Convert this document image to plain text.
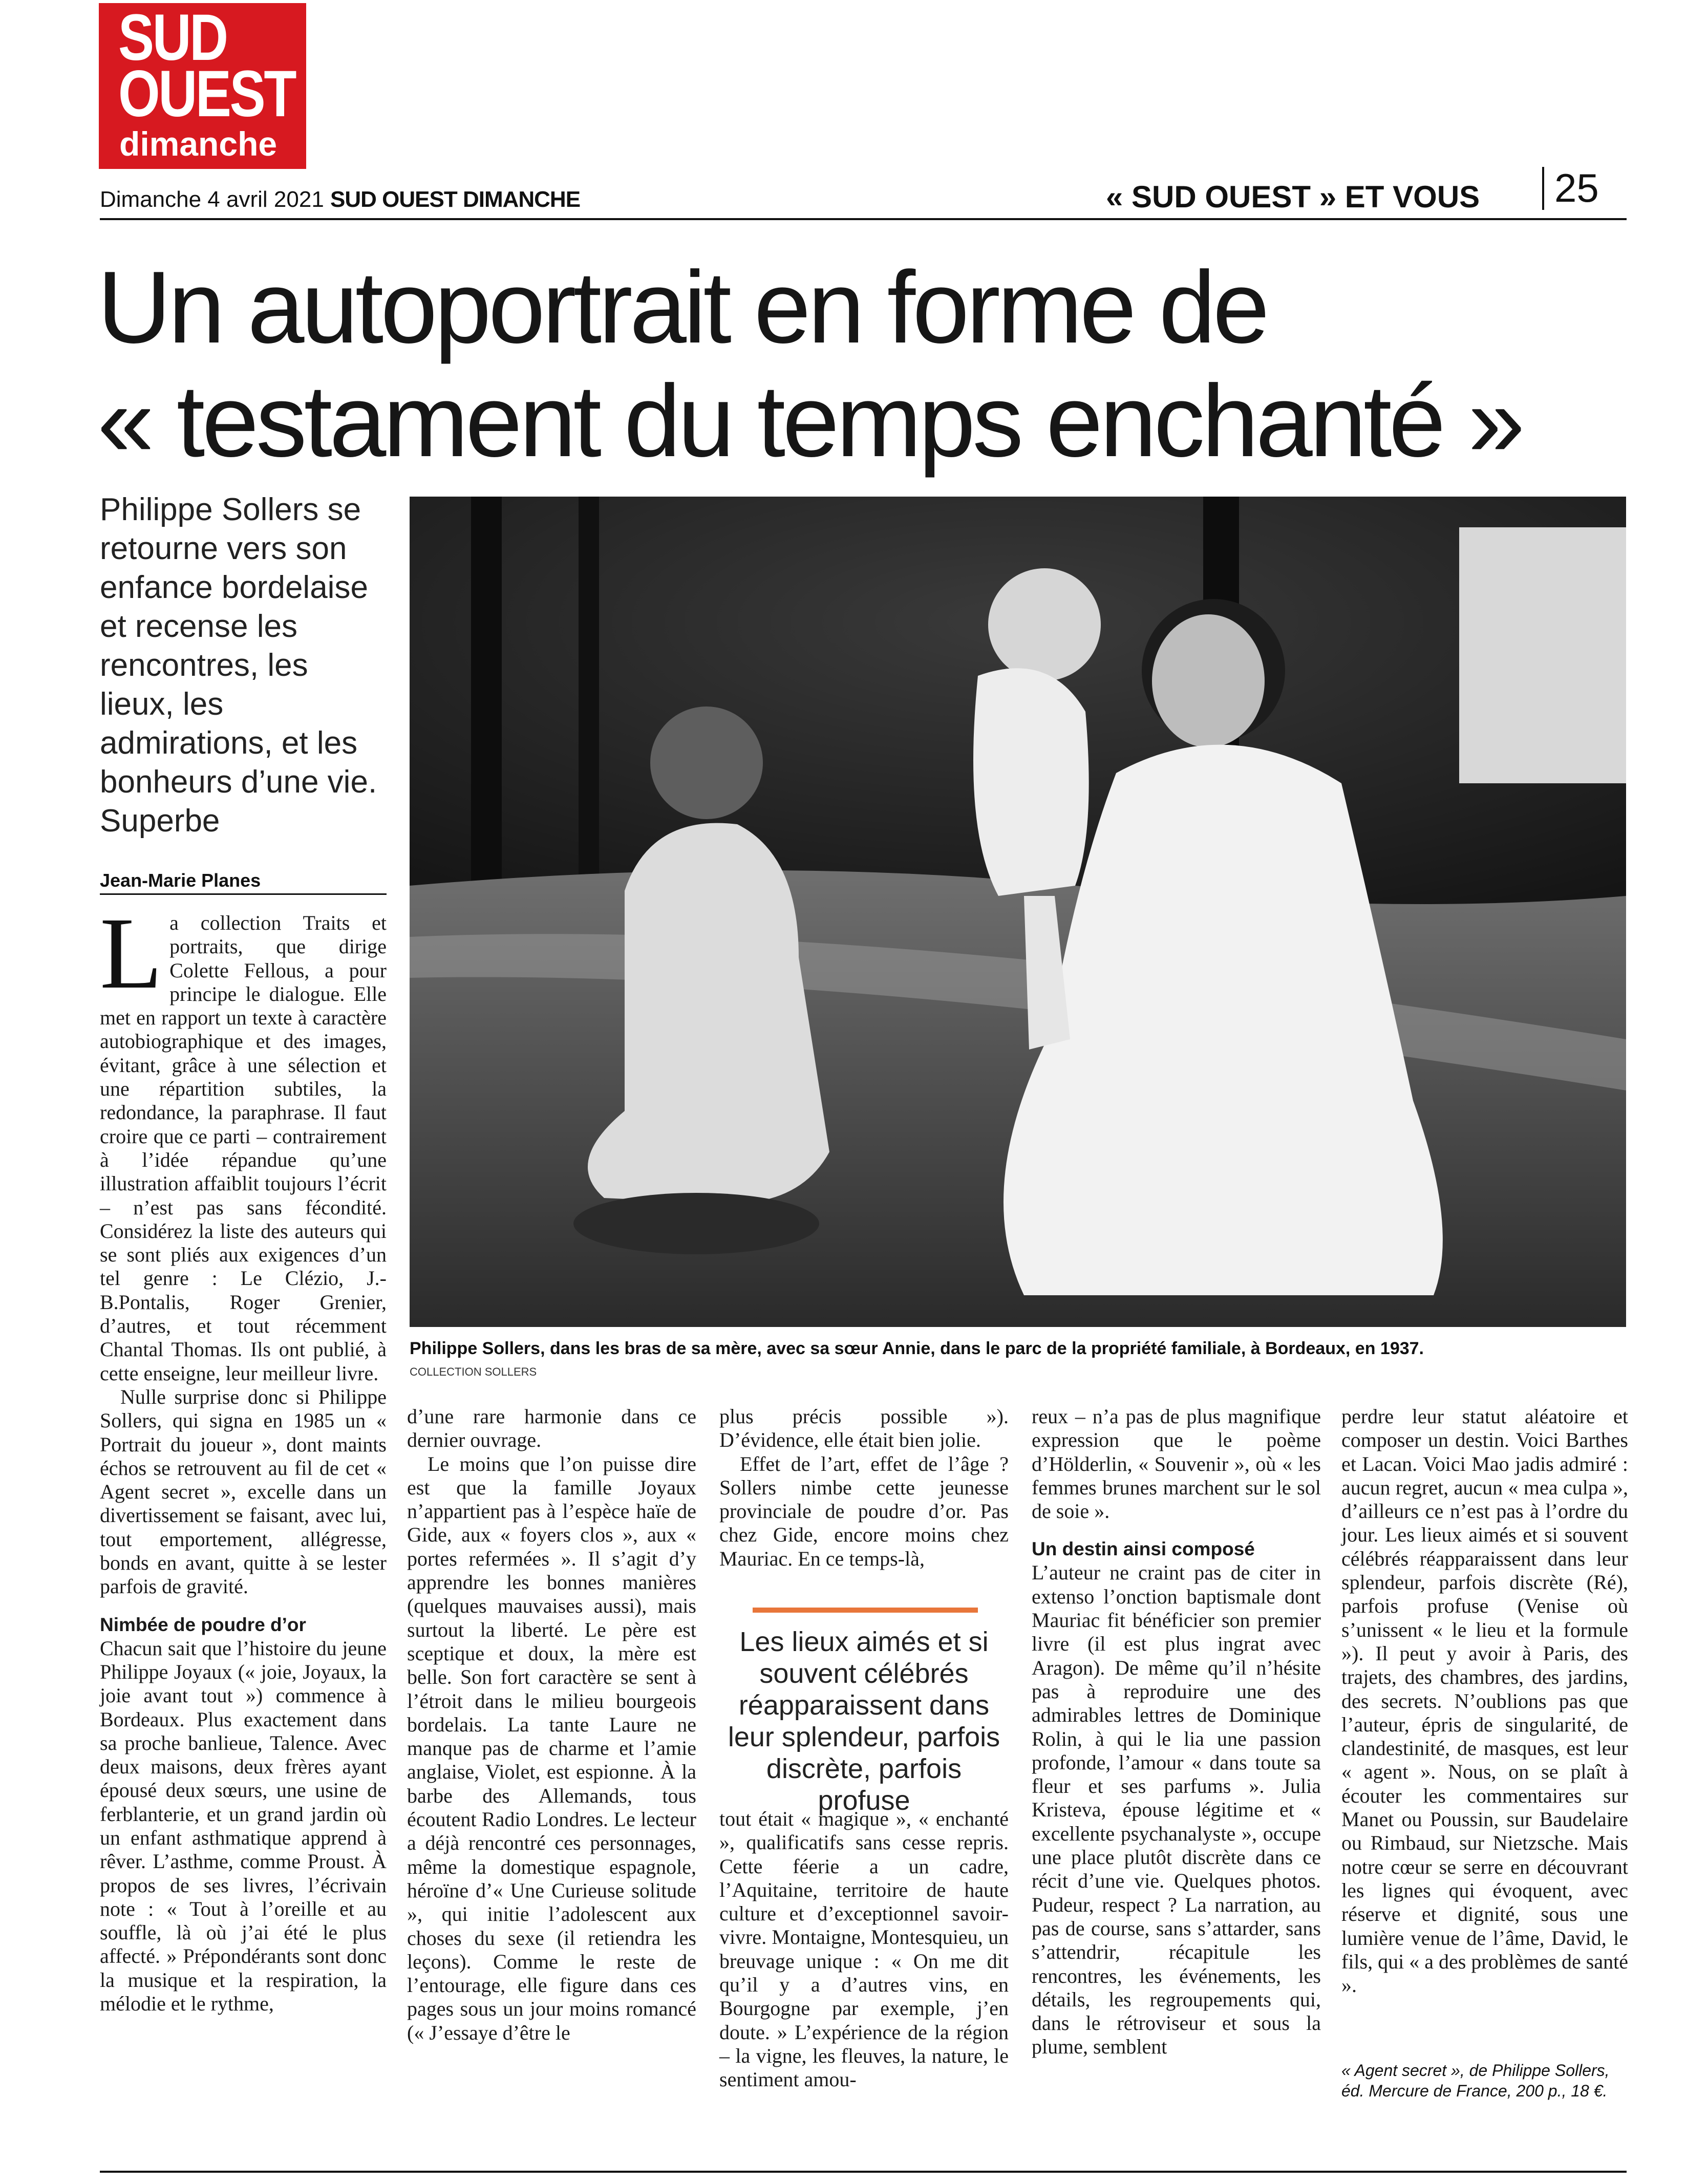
SUD
OUEST
dimanche
Dimanche 4 avril 2021 SUD OUEST DIMANCHE	« SUD OUEST » ET VOUS 25
Un autoportrait en forme de
« testament du temps enchanté »
Philippe Sollers se retourne vers son enfance bordelaise et recense les rencontres, les lieux, les admirations, et les bonheurs d’une vie. Superbe
Jean-Marie Planes
Philippe Sollers, dans les bras de sa mère, avec sa sœur Annie, dans le parc de la propriété familiale, à Bordeaux, en 1937.
COLLECTION SOLLERS

La collection Traits et portraits, que dirige Colette Fellous, a pour principe le dialogue. Elle met en rapport un texte à caractère autobiographique et des images, évitant, grâce à une sélection et une répartition subtiles, la redondance, la paraphrase. Il faut croire que ce parti – contrairement à l’idée répandue qu’une illustration affaiblit toujours l’écrit – n’est pas sans fécondité. Considérez la liste des auteurs qui se sont pliés aux exigences d’un tel genre : Le Clézio, J.-B.Pontalis, Roger Grenier, d’autres, et tout récemment Chantal Thomas. Ils ont publié, à cette enseigne, leur meilleur livre.

Nulle surprise donc si Philippe Sollers, qui signa en 1985 un « Portrait du joueur », dont maints échos se retrouvent au fil de cet « Agent secret », excelle dans un divertissement se faisant, avec lui, tout emportement, allégresse, bonds en avant, quitte à se lester parfois de gravité.

Nimbée de poudre d’or

Chacun sait que l’histoire du jeune Philippe Joyaux (« joie, Joyaux, la joie avant tout ») commence à Bordeaux. Plus exactement dans sa proche banlieue, Talence. Avec deux maisons, deux frères ayant épousé deux sœurs, une usine de ferblanterie, et un grand jardin où un enfant asthmatique apprend à rêver. L’asthme, comme Proust. À propos de ses livres, l’écrivain note : « Tout à l’oreille et au souffle, là où j’ai été le plus affecté. » Prépondérants sont donc la musique et la respiration, la mélodie et le rythme,

d’une rare harmonie dans ce dernier ouvrage.

Le moins que l’on puisse dire est que la famille Joyaux n’appartient pas à l’espèce haïe de Gide, aux « foyers clos », aux « portes refermées ». Il s’agit d’y apprendre les bonnes manières (quelques mauvaises aussi), mais surtout la liberté. Le père est sceptique et doux, la mère est belle. Son fort caractère se sent à l’étroit dans le milieu bourgeois bordelais. La tante Laure ne manque pas de charme et l’amie anglaise, Violet, est espionne. À la barbe des Allemands, tous écoutent Radio Londres. Le lecteur a déjà rencontré ces personnages, même la domestique espagnole, héroïne d’« Une Curieuse solitude », qui initie l’adolescent aux choses du sexe (il retiendra les leçons). Comme le reste de l’entourage, elle figure dans ces pages sous un jour moins romancé (« J’essaye d’être le

plus précis possible »). D’évidence, elle était bien jolie.

Effet de l’art, effet de l’âge ? Sollers nimbe cette jeunesse provinciale de poudre d’or. Pas chez Gide, encore moins chez Mauriac. En ce temps-là,

Les lieux aimés et si souvent célébrés réapparaissent dans leur splendeur, parfois discrète, parfois profuse

tout était « magique », « enchanté », qualificatifs sans cesse repris. Cette féerie a un cadre, l’Aquitaine, territoire de haute culture et d’exceptionnel savoir-vivre. Montaigne, Montesquieu, un breuvage unique : « On me dit qu’il y a d’autres vins, en Bourgogne par exemple, j’en doute. » L’expérience de la région – la vigne, les fleuves, la nature, le sentiment amou-

reux – n’a pas de plus magnifique expression que le poème d’Hölderlin, « Souvenir », où « les femmes brunes marchent sur le sol de soie ».

Un destin ainsi composé

L’auteur ne craint pas de citer in extenso l’onction baptismale dont Mauriac fit bénéficier son premier livre (il est plus ingrat avec Aragon). De même qu’il n’hésite pas à reproduire une des admirables lettres de Dominique Rolin, à qui le lia une passion profonde, l’amour « dans toute sa fleur et ses parfums ». Julia Kristeva, épouse légitime et « excellente psychanalyste », occupe une place plutôt discrète dans ce récit d’une vie. Quelques photos. Pudeur, respect ? La narration, au pas de course, sans s’attarder, sans s’attendrir, récapitule les rencontres, les événements, les détails, les regroupements qui, dans le rétroviseur et sous la plume, semblent

perdre leur statut aléatoire et composer un destin. Voici Barthes et Lacan. Voici Mao jadis admiré : aucun regret, aucun « mea culpa », d’ailleurs ce n’est pas à l’ordre du jour. Les lieux aimés et si souvent célébrés réapparaissent dans leur splendeur, parfois discrète (Ré), parfois profuse (Venise où s’unissent « le lieu et la formule »). Il peut y avoir à Paris, des trajets, des chambres, des jardins, des secrets. N’oublions pas que l’auteur, épris de singularité, de clandestinité, de masques, est leur « agent ». Nous, on se plaît à écouter les commentaires sur Manet ou Poussin, sur Baudelaire ou Rimbaud, sur Nietzsche. Mais notre cœur se serre en découvrant les lignes qui évoquent, avec réserve et dignité, sous une lumière venue de l’âme, David, le fils, qui « a des problèmes de santé ».

« Agent secret », de Philippe Sollers, éd. Mercure de France, 200 p., 18 €.
